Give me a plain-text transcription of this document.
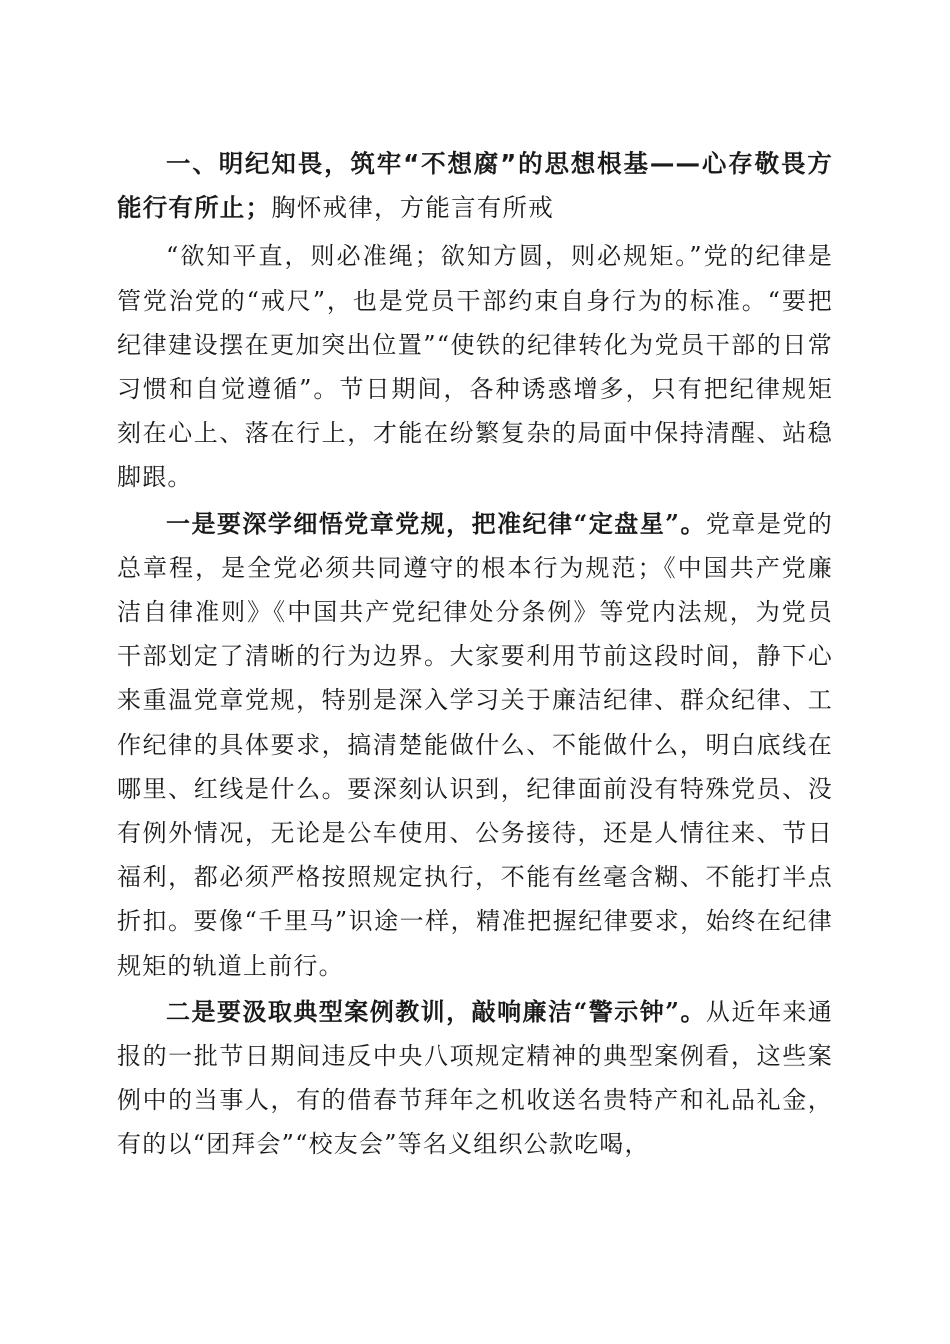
一、明纪知畏，筑牢“不想腐”的思想根基——心存敬畏方能行有所止；胸怀戒律，方能言有所戒

“欲知平直，则必准绳；欲知方圆，则必规矩。”党的纪律是管党治党的“戒尺”，也是党员干部约束自身行为的标准。“要把纪律建设摆在更加突出位置”“使铁的纪律转化为党员干部的日常习惯和自觉遵循”。节日期间，各种诱惑增多，只有把纪律规矩刻在心上、落在行上，才能在纷繁复杂的局面中保持清醒、站稳脚跟。

一是要深学细悟党章党规，把准纪律“定盘星”。党章是党的总章程，是全党必须共同遵守的根本行为规范；《中国共产党廉洁自律准则》《中国共产党纪律处分条例》等党内法规，为党员干部划定了清晰的行为边界。大家要利用节前这段时间，静下心来重温党章党规，特别是深入学习关于廉洁纪律、群众纪律、工作纪律的具体要求，搞清楚能做什么、不能做什么，明白底线在哪里、红线是什么。要深刻认识到，纪律面前没有特殊党员、没有例外情况，无论是公车使用、公务接待，还是人情往来、节日福利，都必须严格按照规定执行，不能有丝毫含糊、不能打半点折扣。要像“千里马”识途一样，精准把握纪律要求，始终在纪律规矩的轨道上前行。

二是要汲取典型案例教训，敲响廉洁“警示钟”。从近年来通报的一批节日期间违反中央八项规定精神的典型案例看，这些案例中的当事人，有的借春节拜年之机收送名贵特产和礼品礼金，有的以“团拜会”“校友会”等名义组织公款吃喝，
